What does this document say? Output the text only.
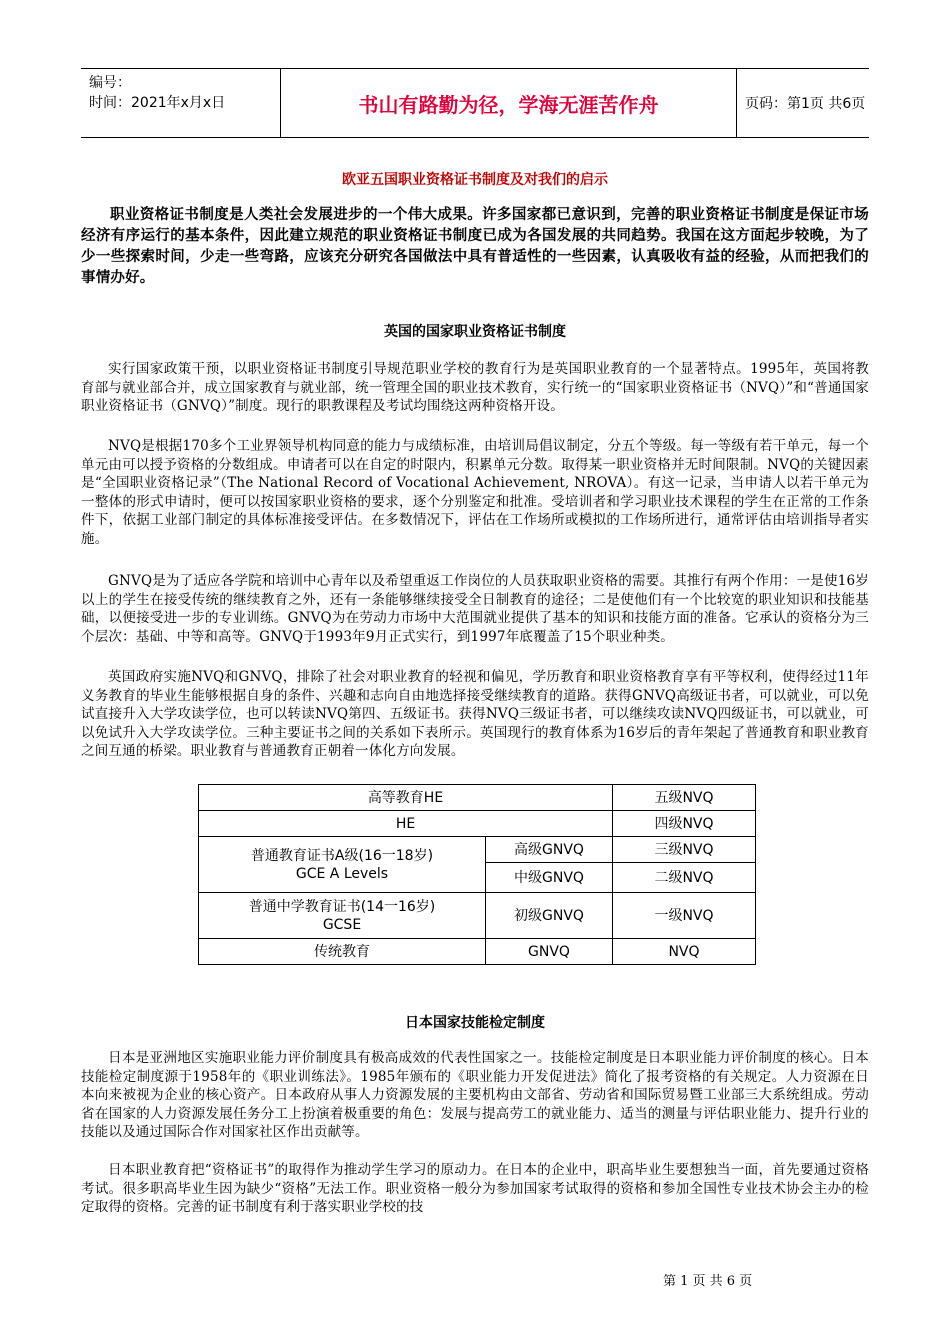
编号：
时间：2021年x月x日	书山有路勤为径，学海无涯苦作舟	页码：第1页 共6页
欧亚五国职业资格证书制度及对我们的启示
职业资格证书制度是人类社会发展进步的一个伟大成果。许多国家都已意识到，完善的职业资格证书制度是保证市场经济有序运行的基本条件，因此建立规范的职业资格证书制度已成为各国发展的共同趋势。我国在这方面起步较晚，为了少一些探索时间，少走一些弯路，应该充分研究各国做法中具有普适性的一些因素，认真吸收有益的经验，从而把我们的事情办好。
英国的国家职业资格证书制度
实行国家政策干预，以职业资格证书制度引导规范职业学校的教育行为是英国职业教育的一个显著特点。1995年，英国将教育部与就业部合并，成立国家教育与就业部，统一管理全国的职业技术教育，实行统一的“国家职业资格证书（NVQ）”和“普通国家职业资格证书（GNVQ）”制度。现行的职教课程及考试均围绕这两种资格开设。
NVQ是根据170多个工业界领导机构同意的能力与成绩标准，由培训局倡议制定，分五个等级。每一等级有若干单元，每一个单元由可以授予资格的分数组成。申请者可以在自定的时限内，积累单元分数。取得某一职业资格并无时间限制。NVQ的关键因素是“全国职业资格记录”（The National Record of Vocational Achievement, NROVA）。有这一记录，当申请人以若干单元为一整体的形式申请时，便可以按国家职业资格的要求，逐个分别鉴定和批准。受培训者和学习职业技术课程的学生在正常的工作条件下，依据工业部门制定的具体标准接受评估。在多数情况下，评估在工作场所或模拟的工作场所进行，通常评估由培训指导者实施。
GNVQ是为了适应各学院和培训中心青年以及希望重返工作岗位的人员获取职业资格的需要。其推行有两个作用：一是使16岁以上的学生在接受传统的继续教育之外，还有一条能够继续接受全日制教育的途径；二是使他们有一个比较宽的职业知识和技能基础，以便接受进一步的专业训练。GNVQ为在劳动力市场中大范围就业提供了基本的知识和技能方面的准备。它承认的资格分为三个层次：基础、中等和高等。GNVQ于1993年9月正式实行，到1997年底覆盖了15个职业种类。
英国政府实施NVQ和GNVQ，排除了社会对职业教育的轻视和偏见，学历教育和职业资格教育享有平等权利，使得经过11年义务教育的毕业生能够根据自身的条件、兴趣和志向自由地选择接受继续教育的道路。获得GNVQ高级证书者，可以就业，可以免试直接升入大学攻读学位，也可以转读NVQ第四、五级证书。获得NVQ三级证书者，可以继续攻读NVQ四级证书，可以就业，可以免试升入大学攻读学位。三种主要证书之间的关系如下表所示。英国现行的教育体系为16岁后的青年架起了普通教育和职业教育之间互通的桥梁。职业教育与普通教育正朝着一体化方向发展。
高等教育HE		五级NVQ
HE		四级NVQ

普通教育证书A级(16一18岁)
GCE A Levels	高级GNVQ	三级NVQ
	中级GNVQ	二级NVQ

普通中学教育证书(14一16岁)
GCSE	初级GNVQ	一级NVQ
传统教育	GNVQ	NVQ
日本国家技能检定制度
日本是亚洲地区实施职业能力评价制度具有极高成效的代表性国家之一。技能检定制度是日本职业能力评价制度的核心。日本技能检定制度源于1958年的《职业训练法》。1985年颁布的《职业能力开发促进法》简化了报考资格的有关规定。人力资源在日本向来被视为企业的核心资产。日本政府从事人力资源发展的主要机构由文部省、劳动省和国际贸易暨工业部三大系统组成。劳动省在国家的人力资源发展任务分工上扮演着极重要的角色：发展与提高劳工的就业能力、适当的测量与评估职业能力、提升行业的技能以及通过国际合作对国家社区作出贡献等。
日本职业教育把“资格证书”的取得作为推动学生学习的原动力。在日本的企业中，职高毕业生要想独当一面，首先要通过资格考试。很多职高毕业生因为缺少“资格”无法工作。职业资格一般分为参加国家考试取得的资格和参加全国性专业技术协会主办的检定取得的资格。完善的证书制度有利于落实职业学校的技
第 1 页 共 6 页
